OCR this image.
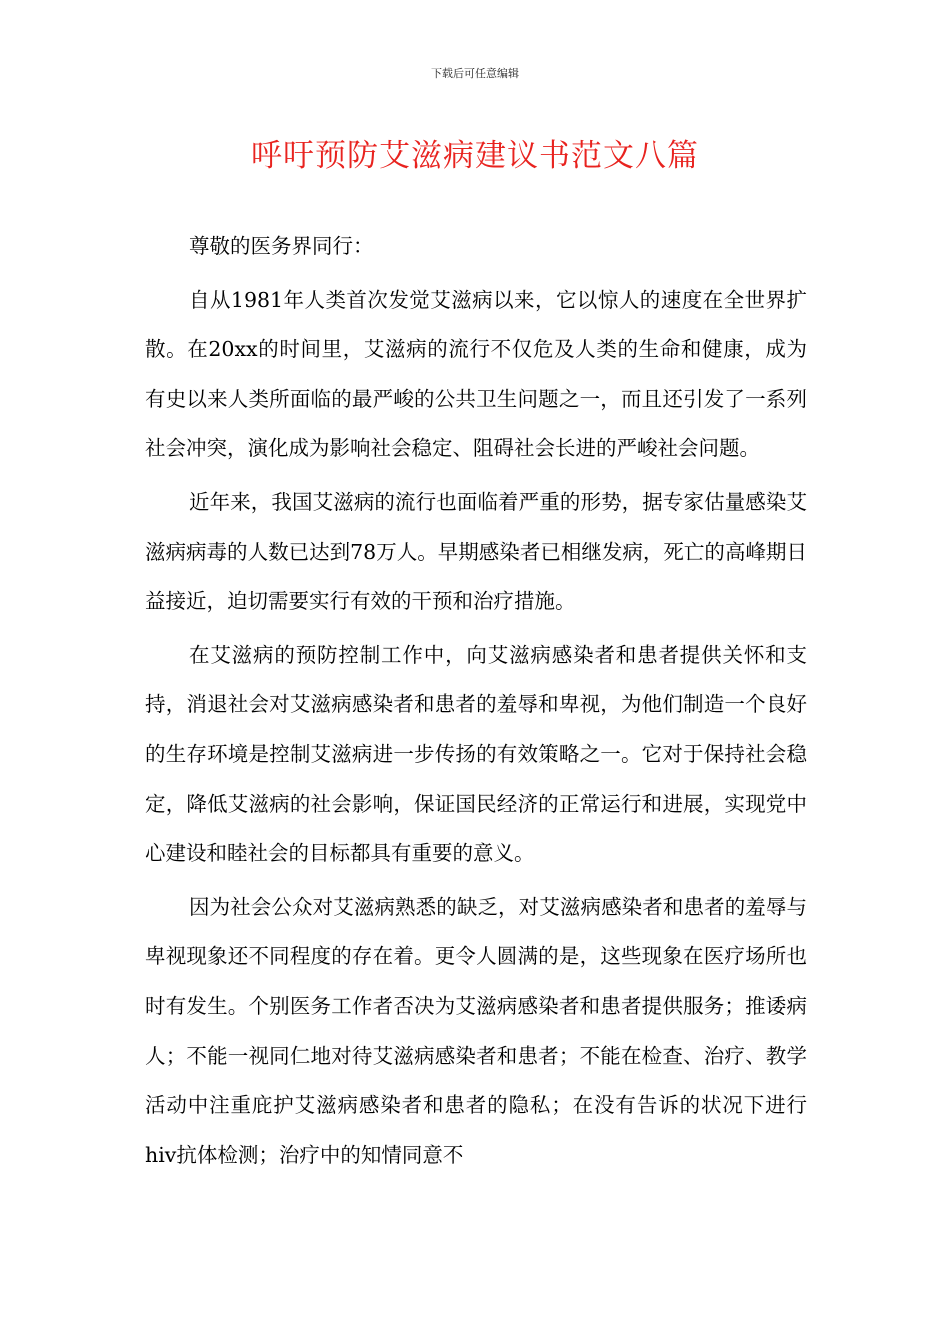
下载后可任意编辑
呼吁预防艾滋病建议书范文八篇

尊敬的医务界同行：

自从1981年人类首次发觉艾滋病以来，它以惊人的速度在全世界扩散。在20xx的时间里，艾滋病的流行不仅危及人类的生命和健康，成为有史以来人类所面临的最严峻的公共卫生问题之一，而且还引发了一系列社会冲突，演化成为影响社会稳定、阻碍社会长进的严峻社会问题。

近年来，我国艾滋病的流行也面临着严重的形势，据专家估量感染艾滋病病毒的人数已达到78万人。早期感染者已相继发病，死亡的高峰期日益接近，迫切需要实行有效的干预和治疗措施。

在艾滋病的预防控制工作中，向艾滋病感染者和患者提供关怀和支持，消退社会对艾滋病感染者和患者的羞辱和卑视，为他们制造一个良好的生存环境是控制艾滋病进一步传扬的有效策略之一。它对于保持社会稳定，降低艾滋病的社会影响，保证国民经济的正常运行和进展，实现党中心建设和睦社会的目标都具有重要的意义。

因为社会公众对艾滋病熟悉的缺乏，对艾滋病感染者和患者的羞辱与卑视现象还不同程度的存在着。更令人圆满的是，这些现象在医疗场所也时有发生。个别医务工作者否决为艾滋病感染者和患者提供服务；推诿病人；不能一视同仁地对待艾滋病感染者和患者；不能在检查、治疗、教学活动中注重庇护艾滋病感染者和患者的隐私；在没有告诉的状况下进行hiv抗体检测；治疗中的知情同意不
